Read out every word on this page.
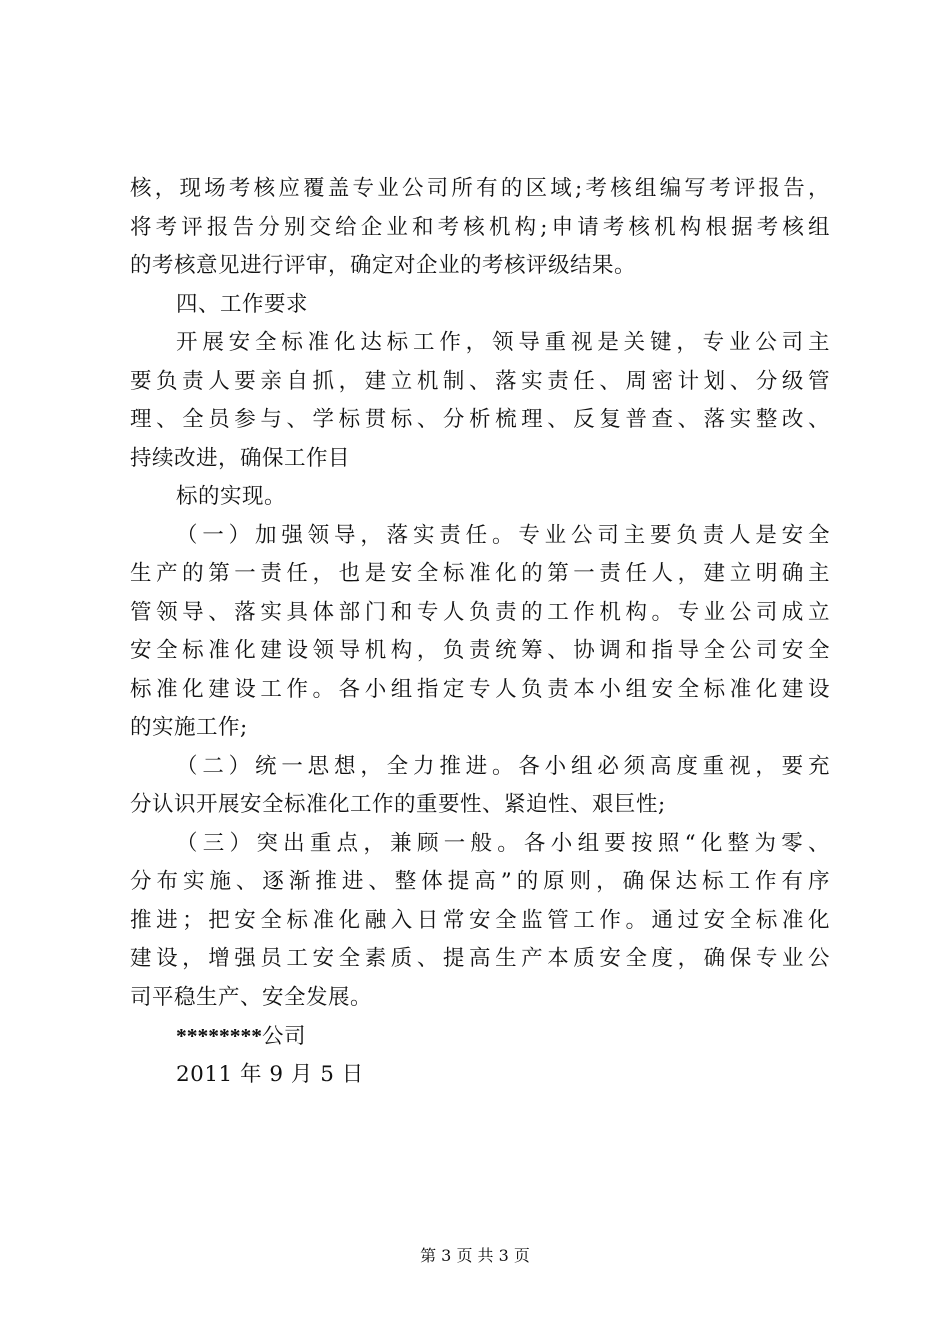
核，现场考核应覆盖专业公司所有的区域;考核组编写考评报告，
将考评报告分别交给企业和考核机构;申请考核机构根据考核组
的考核意见进行评审，确定对企业的考核评级结果。
四、工作要求
开展安全标准化达标工作，领导重视是关键，专业公司主
要负责人要亲自抓，建立机制、落实责任、周密计划、分级管
理、全员参与、学标贯标、分析梳理、反复普查、落实整改、
持续改进，确保工作目
标的实现。
（一）加强领导，落实责任。专业公司主要负责人是安全
生产的第一责任，也是安全标准化的第一责任人，建立明确主
管领导、落实具体部门和专人负责的工作机构。专业公司成立
安全标准化建设领导机构，负责统筹、协调和指导全公司安全
标准化建设工作。各小组指定专人负责本小组安全标准化建设
的实施工作;
（二）统一思想，全力推进。各小组必须高度重视，要充
分认识开展安全标准化工作的重要性、紧迫性、艰巨性;
（三）突出重点，兼顾一般。各小组要按照“化整为零、
分布实施、逐渐推进、整体提高”的原则，确保达标工作有序
推进；把安全标准化融入日常安全监管工作。通过安全标准化
建设，增强员工安全素质、提高生产本质安全度，确保专业公
司平稳生产、安全发展。
********公司
2011 年 9 月 5 日
第 3 页 共 3 页
